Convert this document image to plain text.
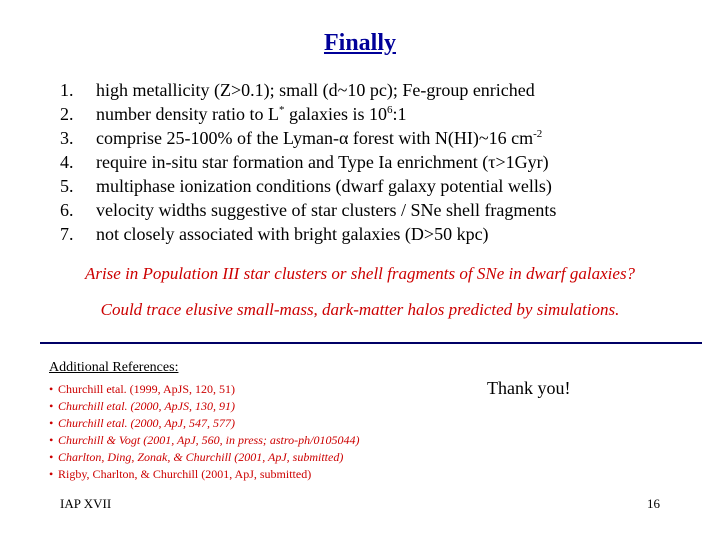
Finally
1. high metallicity (Z>0.1); small (d~10 pc); Fe-group enriched
2. number density ratio to L* galaxies is $10^6:1$
3. comprise 25-100% of the Lyman-α forest with N(HI)~16 $cm^{-2}$
4. require in-situ star formation and Type Ia enrichment (τ>1Gyr)
5. multiphase ionization conditions (dwarf galaxy potential wells)
6. velocity widths suggestive of star clusters / SNe shell fragments
7. not closely associated with bright galaxies (D>50 kpc)
Arise in Population III star clusters or shell fragments of SNe in dwarf galaxies?
Could trace elusive small-mass, dark-matter halos predicted by simulations.
Additional References:
• Churchill etal. (1999, ApJS, 120, 51)
• Churchill etal. (2000, ApJS, 130, 91)
• Churchill etal. (2000, ApJ, 547, 577)
• Churchill & Vogt (2001, ApJ, 560, in press; astro-ph/0105044)
• Charlton, Ding, Zonak, & Churchill (2001, ApJ, submitted)
• Rigby, Charlton, & Churchill (2001, ApJ, submitted)
Thank you!
IAP XVII	16
